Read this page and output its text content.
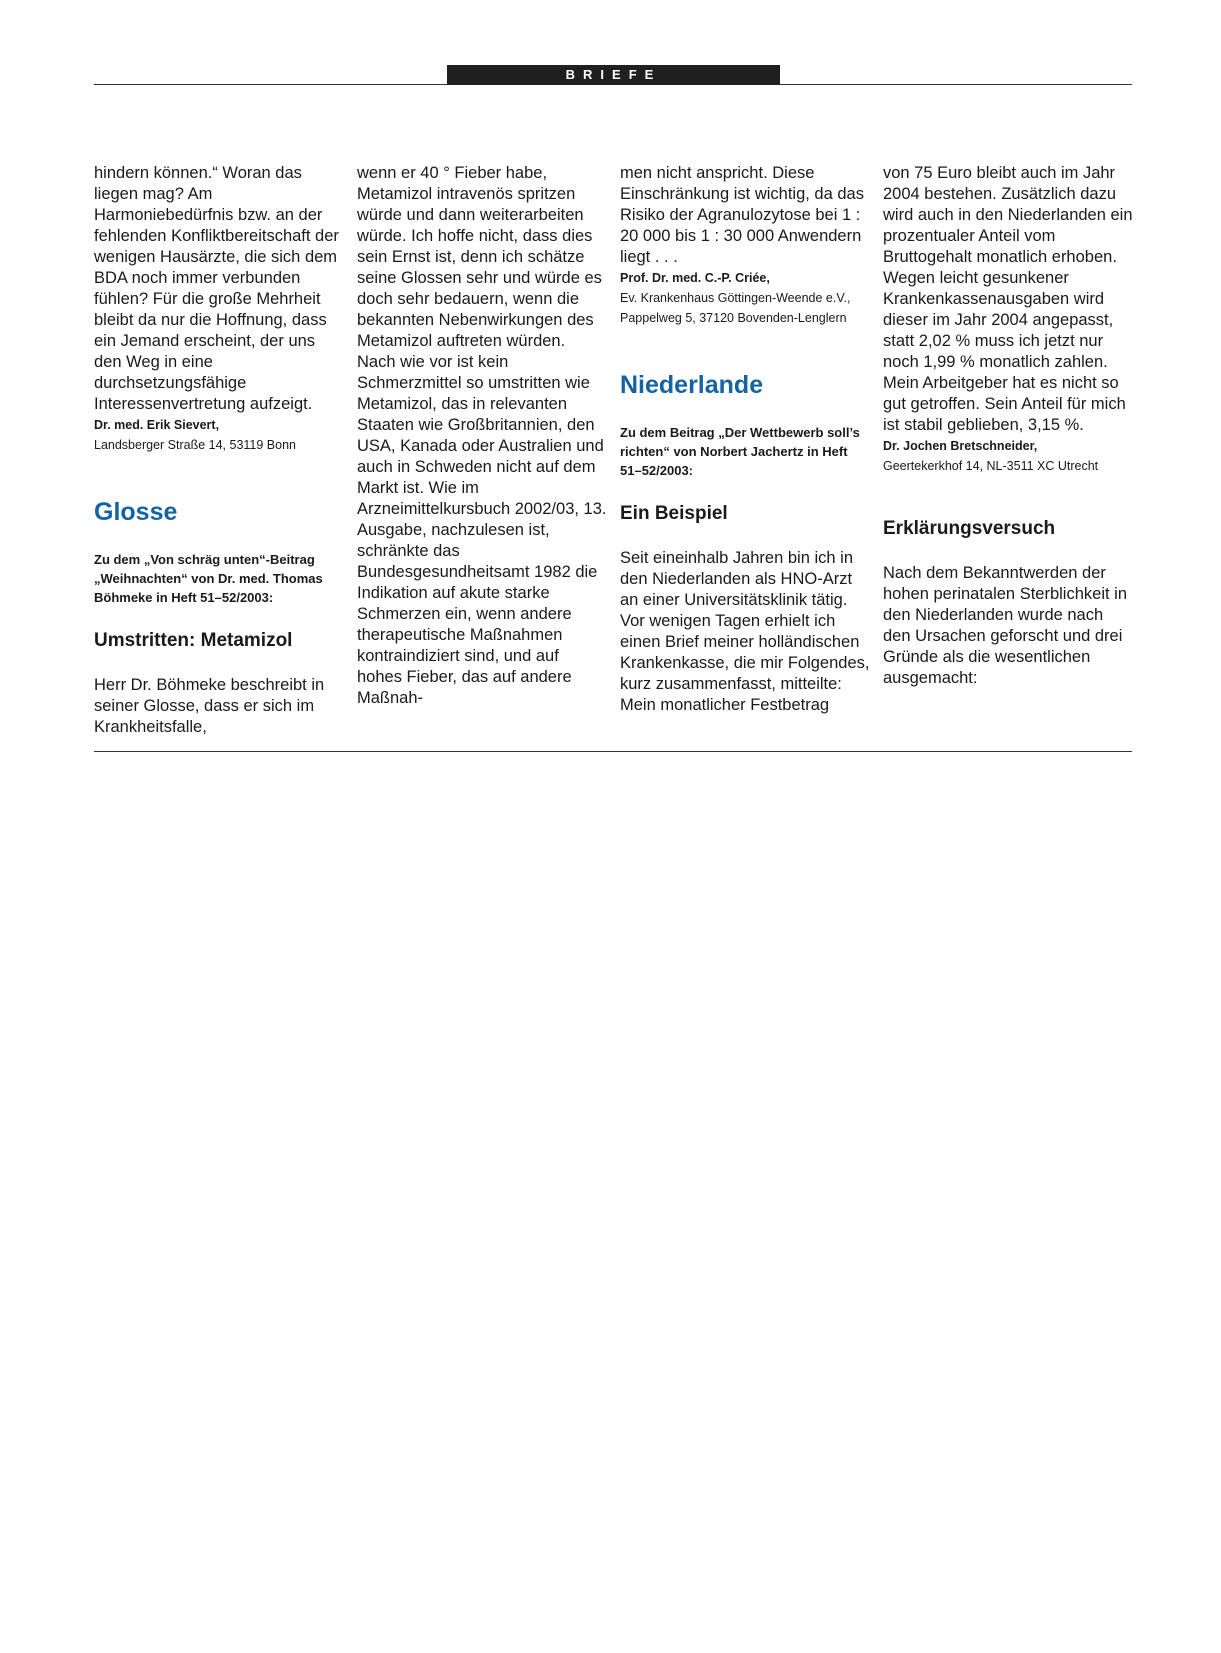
BRIEFE

hindern können.“ Woran das liegen mag? Am Harmoniebedürfnis bzw. an der fehlenden Konfliktbereitschaft der wenigen Hausärzte, die sich dem BDA noch immer verbunden fühlen? Für die große Mehrheit bleibt da nur die Hoffnung, dass ein Jemand erscheint, der uns den Weg in eine durchsetzungsfähige Interessenvertretung aufzeigt.

Dr. med. Erik Sievert,

Landsberger Straße 14, 53119 Bonn

Glosse

Zu dem „Von schräg unten“-Beitrag „Weihnachten“ von Dr. med. Thomas Böhmeke in Heft 51–52/2003:

Umstritten: Metamizol

Herr Dr. Böhmeke beschreibt in seiner Glosse, dass er sich im Krankheitsfalle,

wenn er 40 ° Fieber habe, Metamizol intravenös spritzen würde und dann weiterarbeiten würde. Ich hoffe nicht, dass dies sein Ernst ist, denn ich schätze seine Glossen sehr und würde es doch sehr bedauern, wenn die bekannten Nebenwirkungen des Metamizol auftreten würden. Nach wie vor ist kein Schmerzmittel so umstritten wie Metamizol, das in relevanten Staaten wie Großbritannien, den USA, Kanada oder Australien und auch in Schweden nicht auf dem Markt ist. Wie im Arzneimittelkursbuch 2002/03, 13. Ausgabe, nachzulesen ist, schränkte das Bundesgesundheitsamt 1982 die Indikation auf akute starke Schmerzen ein, wenn andere therapeutische Maßnahmen kontraindiziert sind, und auf hohes Fieber, das auf andere Maßnah-

men nicht anspricht. Diese Einschränkung ist wichtig, da das Risiko der Agranulozytose bei 1 : 20 000 bis 1 : 30 000 Anwendern liegt . . .

Prof. Dr. med. C.-P. Criée,

Ev. Krankenhaus Göttingen-Weende e.V., Pappelweg 5, 37120 Bovenden-Lenglern

Niederlande

Zu dem Beitrag „Der Wettbewerb soll’s richten“ von Norbert Jachertz in Heft 51–52/2003:

Ein Beispiel

Seit eineinhalb Jahren bin ich in den Niederlanden als HNO-Arzt an einer Universitätsklinik tätig. Vor wenigen Tagen erhielt ich einen Brief meiner holländischen Krankenkasse, die mir Folgendes, kurz zusammenfasst, mitteilte:

Mein monatlicher Festbetrag

von 75 Euro bleibt auch im Jahr 2004 bestehen. Zusätzlich dazu wird auch in den Niederlanden ein prozentualer Anteil vom Bruttogehalt monatlich erhoben. Wegen leicht gesunkener Krankenkassenausgaben wird dieser im Jahr 2004 angepasst, statt 2,02 % muss ich jetzt nur noch 1,99 % monatlich zahlen. Mein Arbeitgeber hat es nicht so gut getroffen. Sein Anteil für mich ist stabil geblieben, 3,15 %.

Dr. Jochen Bretschneider,

Geertekerkhof 14, NL-3511 XC Utrecht

Erklärungsversuch

Nach dem Bekanntwerden der hohen perinatalen Sterblichkeit in den Niederlanden wurde nach den Ursachen geforscht und drei Gründe als die wesentlichen ausgemacht:
